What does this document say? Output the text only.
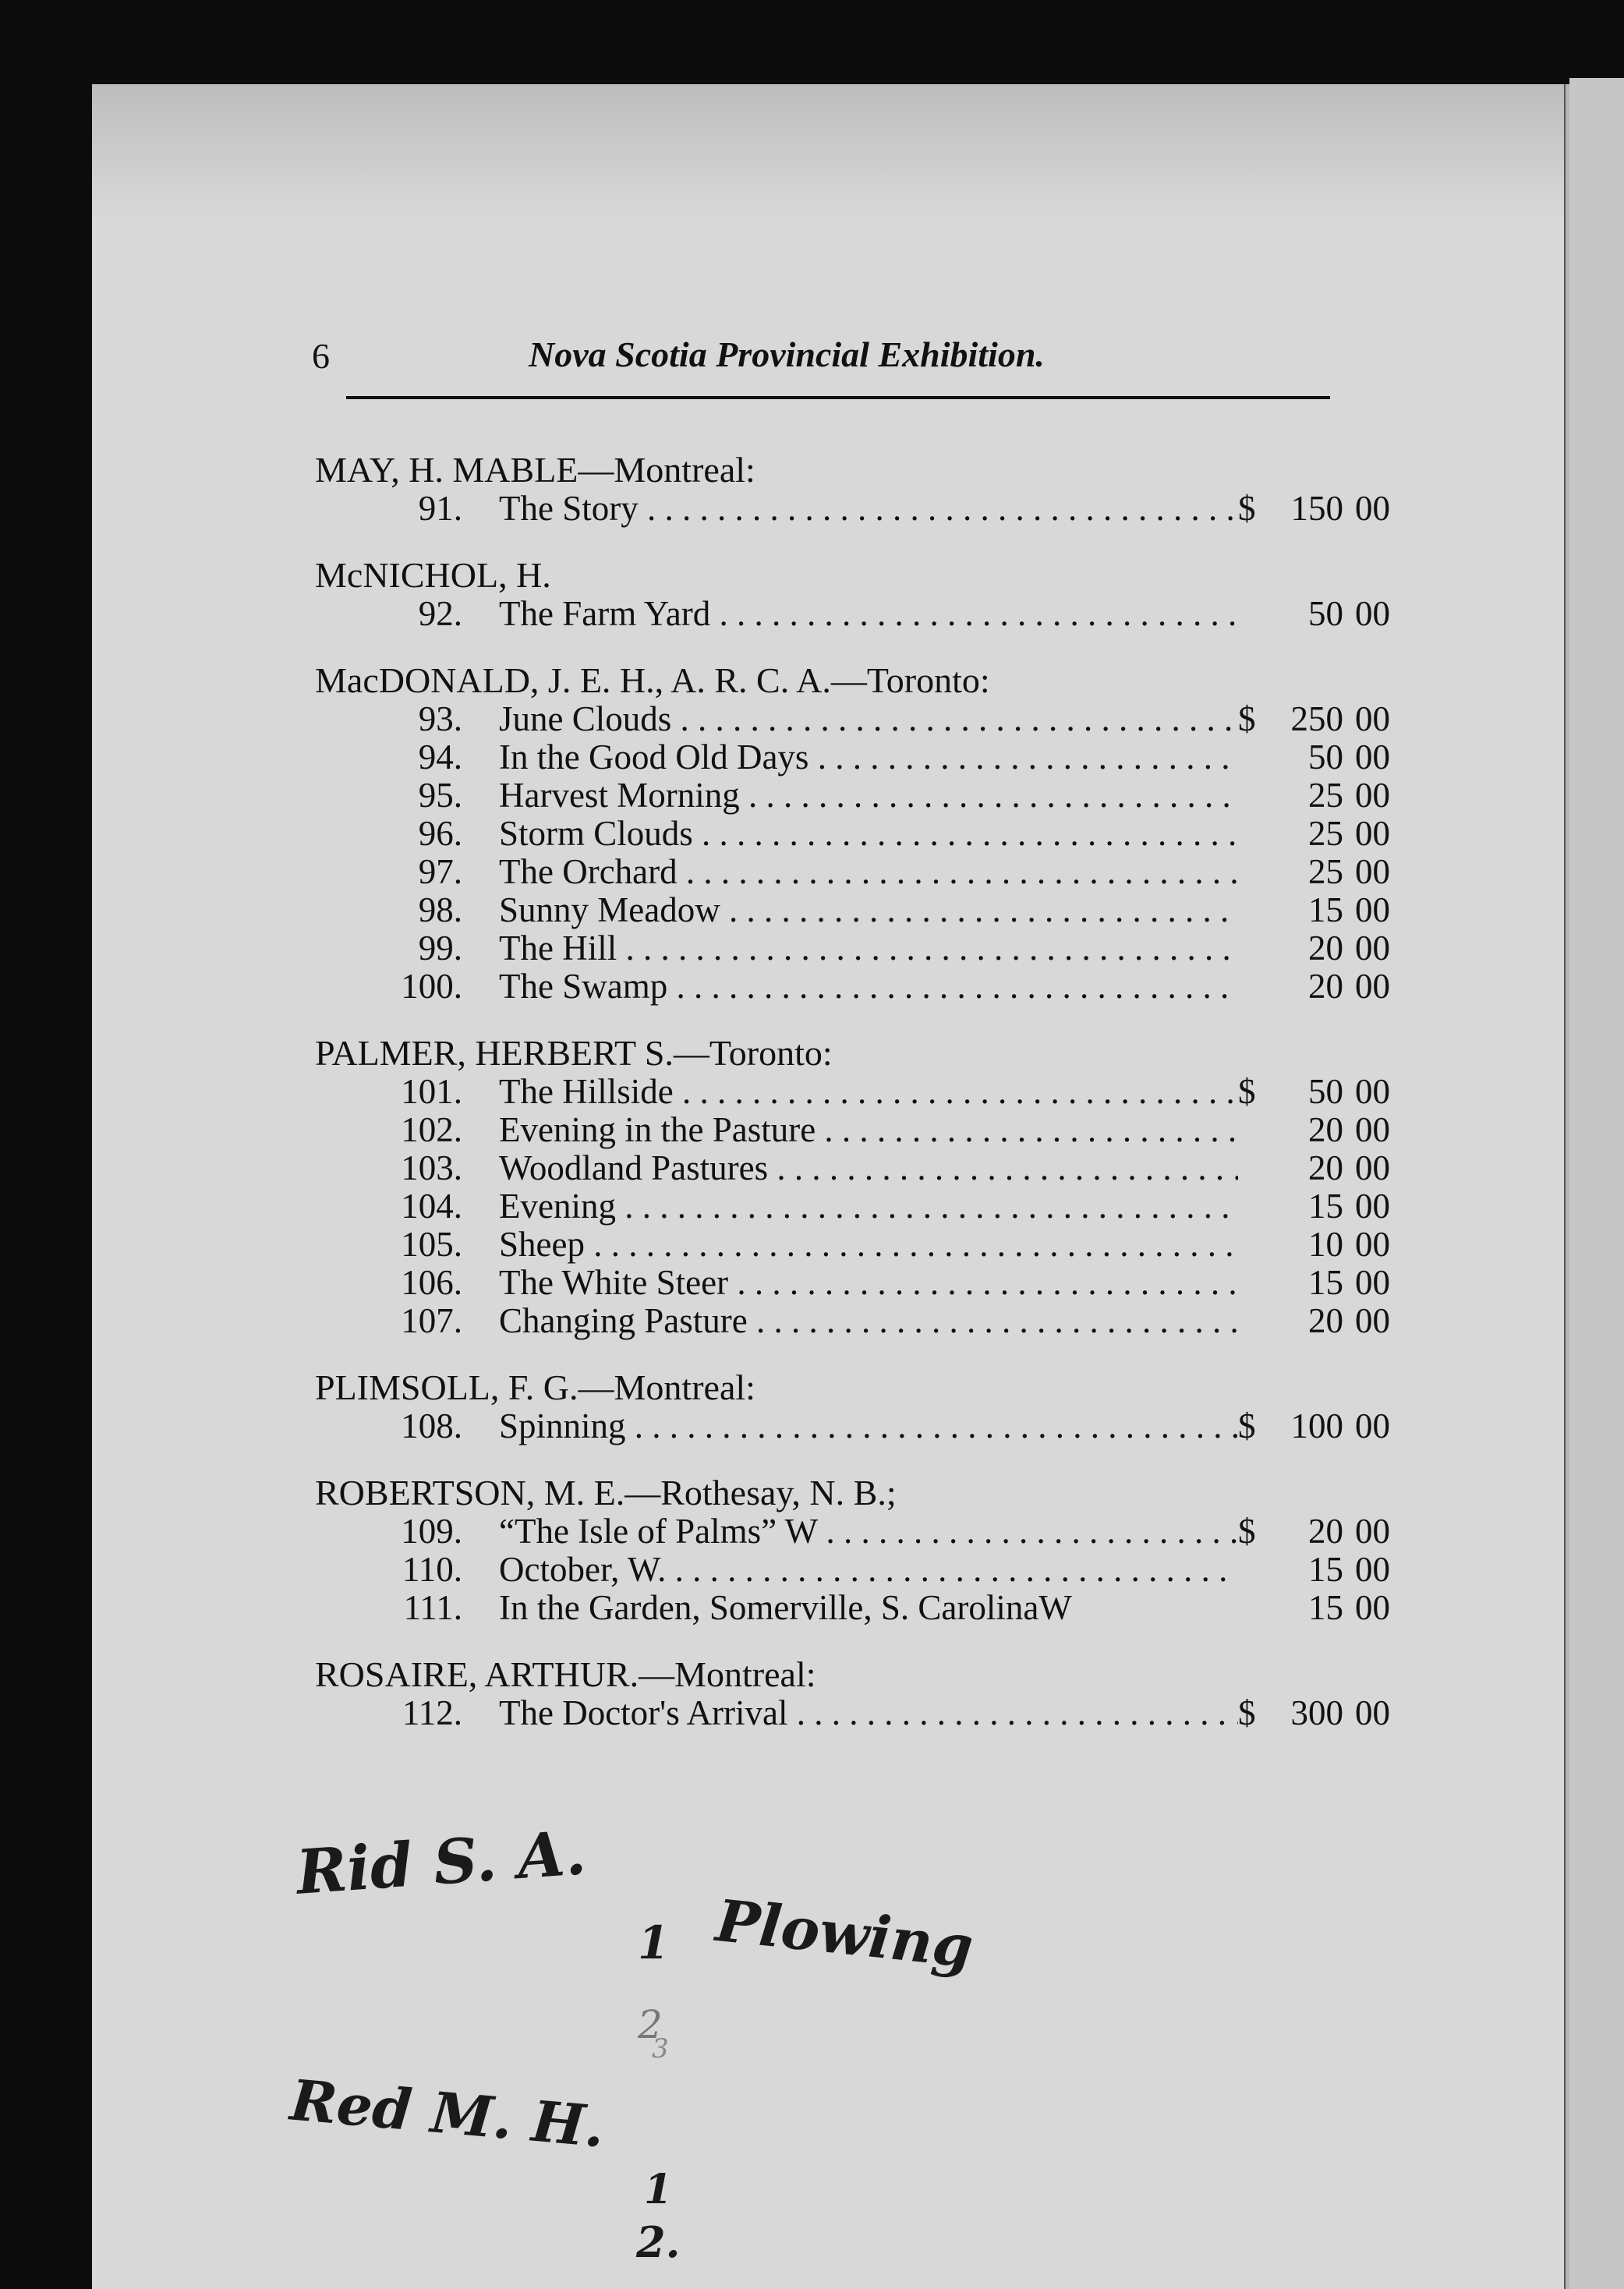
6	Nova Scotia Provincial Exhibition.
MAY, H. MABLE—Montreal:
91. The Story . . .	$	150 00
McNICHOL, H.
92. The Farm Yard . . .	50 00
MacDONALD, J. E. H., A. R. C. A.—Toronto:
93. June Clouds . . .	$	250 00
94. In the Good Old Days . . .	50 00
95. Harvest Morning . . .	25 00
96. Storm Clouds . . .	25 00
97. The Orchard . . .	25 00
98. Sunny Meadow . . .	15 00
99. The Hill . . .	20 00
100. The Swamp . . .	20 00
PALMER, HERBERT S.—Toronto:
101. The Hillside . . .	$	50 00
102. Evening in the Pasture . . .	20 00
103. Woodland Pastures . . .	20 00
104. Evening . . .	15 00
105. Sheep . . .	10 00
106. The White Steer . . .	15 00
107. Changing Pasture . . .	20 00
PLIMSOLL, F. G.—Montreal:
108. Spinning . . .	$	100 00
ROBERTSON, M. E.—Rothesay, N. B.;
109. “The Isle of Palms” W . . .	$	20 00
110. October, W. . . .	15 00
111. In the Garden, Somerville, S. CarolinaW	15 00
ROSAIRE, ARTHUR.—Montreal:
112. The Doctor's Arrival . . .	$	300 00
Rid S. A.
1 Plowing
2
3
Red M. H.
1
2.
